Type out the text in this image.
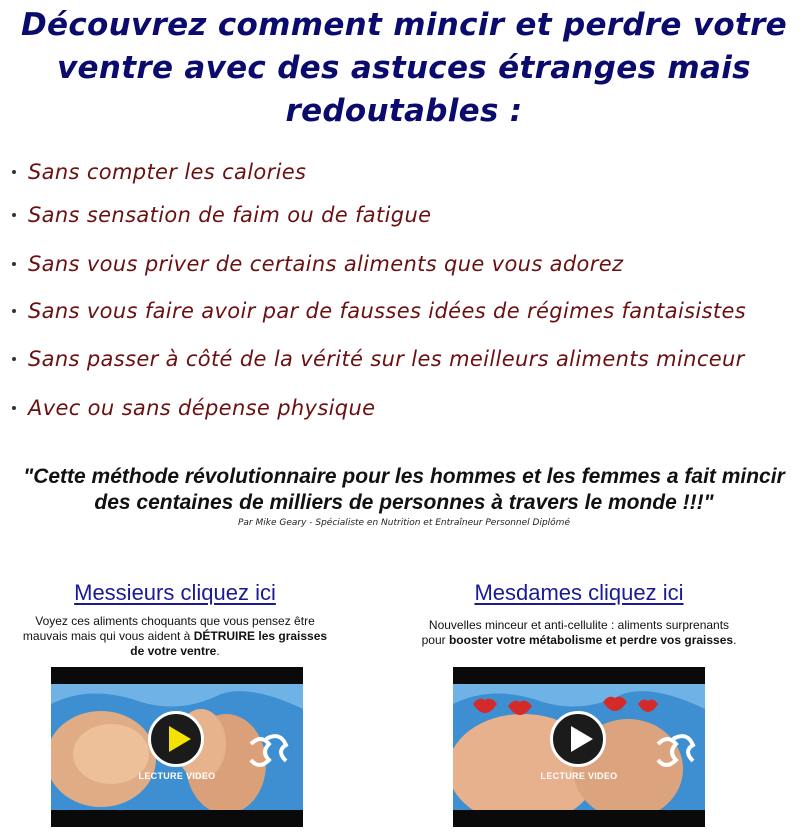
Découvrez comment mincir et perdre votre
ventre avec des astuces étranges mais
redoutables :
Sans compter les calories
Sans sensation de faim ou de fatigue
Sans vous priver de certains aliments que vous adorez
Sans vous faire avoir par de fausses idées de régimes fantaisistes
Sans passer à côté de la vérité sur les meilleurs aliments minceur
Avec ou sans dépense physique
"Cette méthode révolutionnaire pour les hommes et les femmes a fait mincir
des centaines de milliers de personnes à travers le monde !!!"
Par Mike Geary - Spécialiste en Nutrition et Entraîneur Personnel Diplômé
Messieurs cliquez ici
Voyez ces aliments choquants que vous pensez être
mauvais mais qui vous aident à DÉTRUIRE les graisses
de votre ventre.
LECTURE VIDEO
Mesdames cliquez ici
Nouvelles minceur et anti-cellulite : aliments surprenants
pour booster votre métabolisme et perdre vos graisses.
LECTURE VIDEO
